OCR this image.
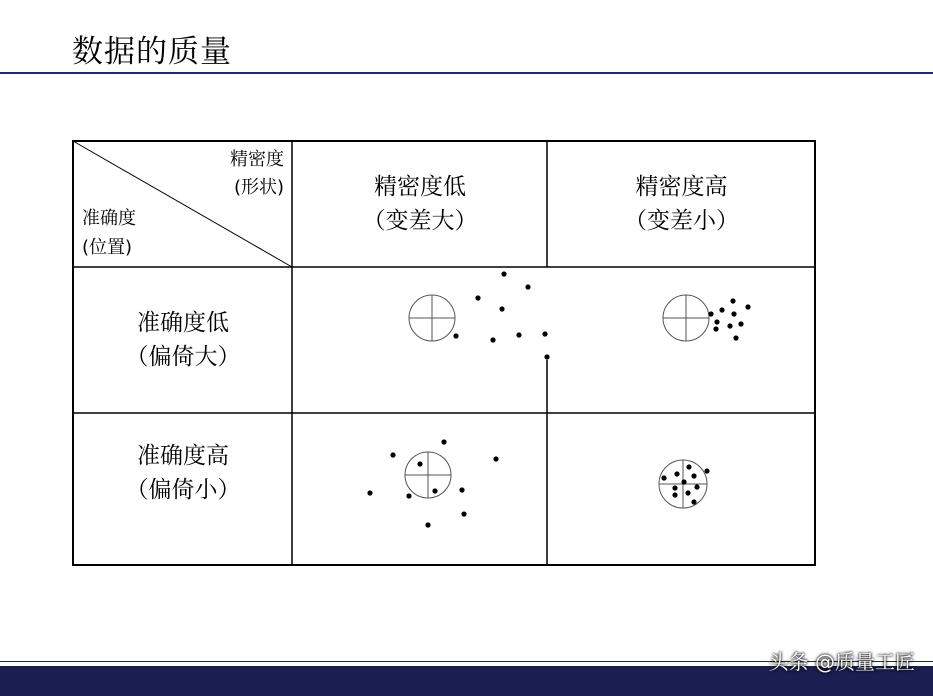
数据的质量
精密度
(形状)
准确度
(位置)
精密度低
（变差大）
精密度高
（变差小）
准确度低
（偏倚大）
准确度高
（偏倚小）
头条 @质量工匠
